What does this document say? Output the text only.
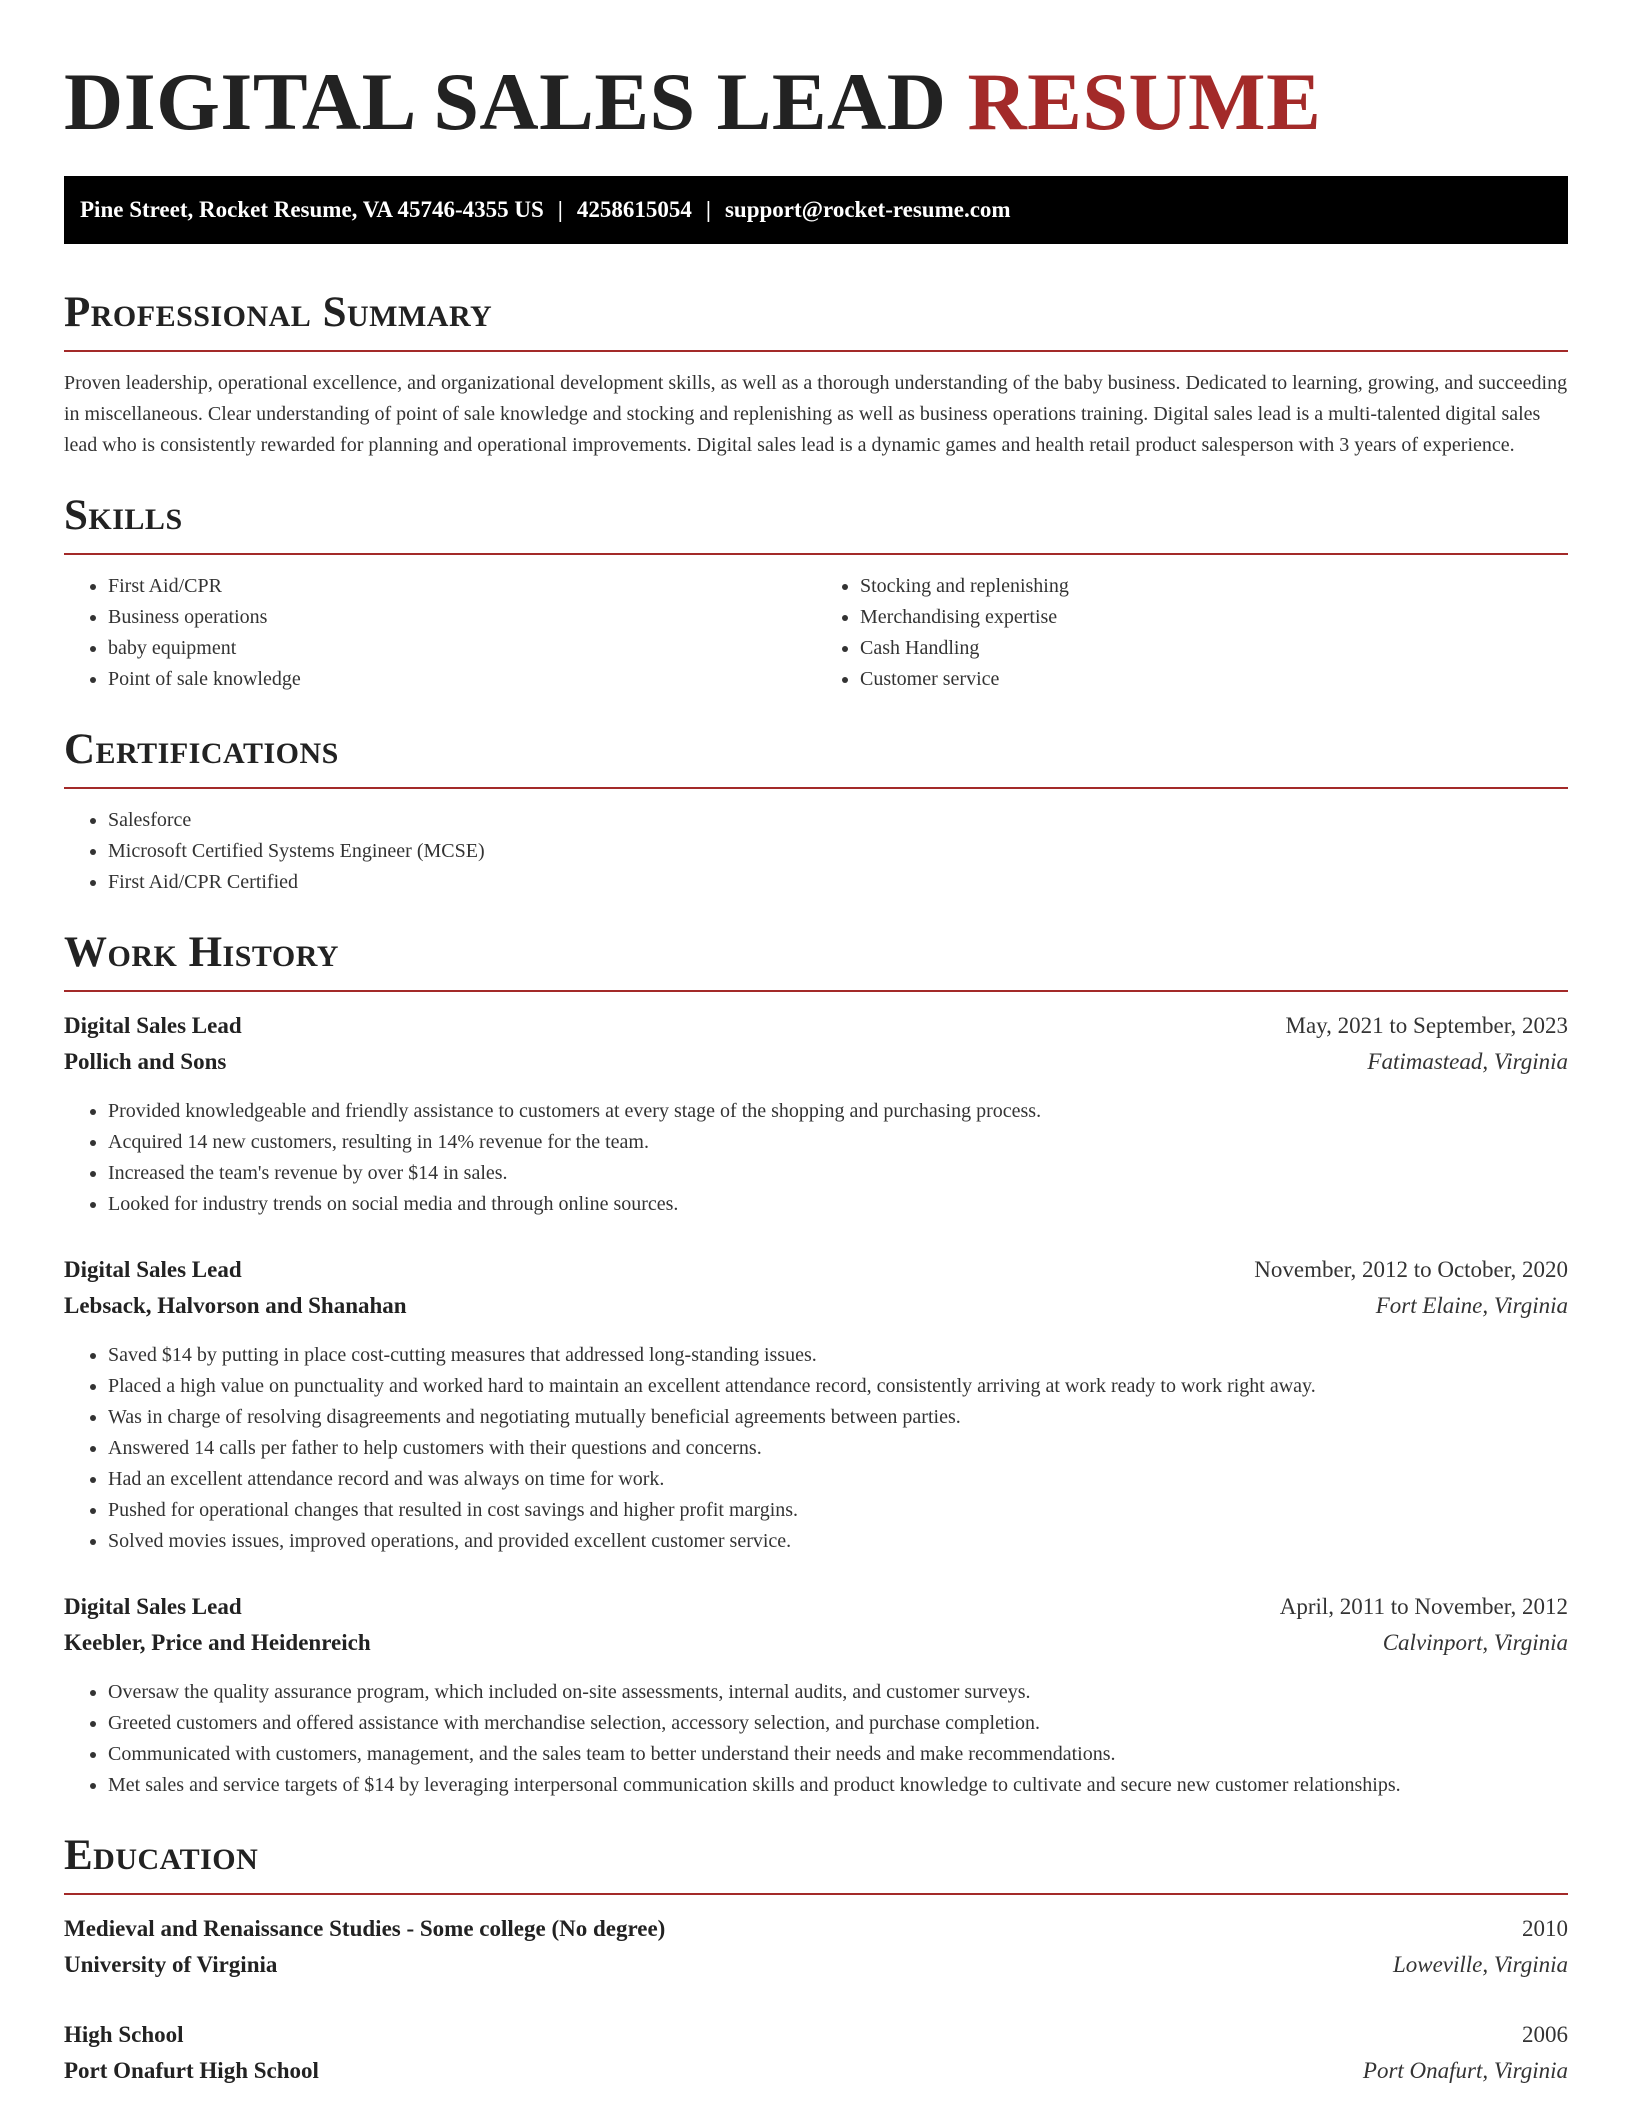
DIGITAL SALES LEAD RESUME
Pine Street, Rocket Resume, VA 45746-4355 US | 4258615054 | support@rocket-resume.com
Professional Summary

Proven leadership, operational excellence, and organizational development skills, as well as a thorough understanding of the baby business. Dedicated to learning, growing, and succeeding in miscellaneous. Clear understanding of point of sale knowledge and stocking and replenishing as well as business operations training. Digital sales lead is a multi-talented digital sales lead who is consistently rewarded for planning and operational improvements. Digital sales lead is a dynamic games and health retail product salesperson with 3 years of experience.

Skills
• First Aid/CPR
• Business operations
• baby equipment
• Point of sale knowledge
• Stocking and replenishing
• Merchandising expertise
• Cash Handling
• Customer service
Certifications
• Salesforce
• Microsoft Certified Systems Engineer (MCSE)
• First Aid/CPR Certified
Work History
Digital Sales Lead	May, 2021 to September, 2023
Pollich and Sons	Fatimastead, Virginia
• Provided knowledgeable and friendly assistance to customers at every stage of the shopping and purchasing process.
• Acquired 14 new customers, resulting in 14% revenue for the team.
• Increased the team's revenue by over $14 in sales.
• Looked for industry trends on social media and through online sources.
Digital Sales Lead	November, 2012 to October, 2020
Lebsack, Halvorson and Shanahan	Fort Elaine, Virginia
• Saved $14 by putting in place cost-cutting measures that addressed long-standing issues.
• Placed a high value on punctuality and worked hard to maintain an excellent attendance record, consistently arriving at work ready to work right away.
• Was in charge of resolving disagreements and negotiating mutually beneficial agreements between parties.
• Answered 14 calls per father to help customers with their questions and concerns.
• Had an excellent attendance record and was always on time for work.
• Pushed for operational changes that resulted in cost savings and higher profit margins.
• Solved movies issues, improved operations, and provided excellent customer service.
Digital Sales Lead	April, 2011 to November, 2012
Keebler, Price and Heidenreich	Calvinport, Virginia
• Oversaw the quality assurance program, which included on-site assessments, internal audits, and customer surveys.
• Greeted customers and offered assistance with merchandise selection, accessory selection, and purchase completion.
• Communicated with customers, management, and the sales team to better understand their needs and make recommendations.
• Met sales and service targets of $14 by leveraging interpersonal communication skills and product knowledge to cultivate and secure new customer relationships.
Education
Medieval and Renaissance Studies - Some college (No degree)	2010
University of Virginia	Loweville, Virginia
High School	2006
Port Onafurt High School	Port Onafurt, Virginia
